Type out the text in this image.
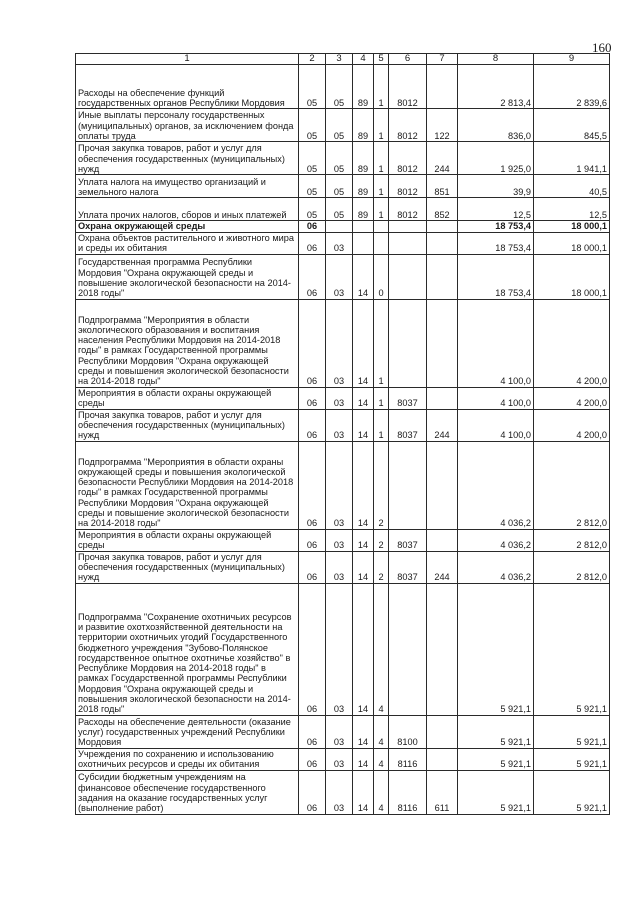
160
1	2	3	4	5	6	7	8	9
Расходы на обеспечение функций государственных органов Республики Мордовия	05	05	89	1	8012		2 813,4	2 839,6
Иные выплаты персоналу государственных (муниципальных) органов, за исключением фонда оплаты труда	05	05	89	1	8012	122	836,0	845,5
Прочая закупка товаров, работ и услуг для обеспечения государственных (муниципальных) нужд	05	05	89	1	8012	244	1 925,0	1 941,1
Уплата налога на имущество организаций и земельного налога	05	05	89	1	8012	851	39,9	40,5
Уплата прочих налогов, сборов и иных платежей	05	05	89	1	8012	852	12,5	12,5
Охрана окружающей среды	06						18 753,4	18 000,1
Охрана объектов растительного и животного мира и среды их обитания	06	03					18 753,4	18 000,1
Государственная программа Республики Мордовия "Охрана окружающей среды и повышение экологической безопасности на 2014-2018 годы"	06	03	14	0			18 753,4	18 000,1
Подпрограмма "Мероприятия в области экологического образования и воспитания населения Республики Мордовия на 2014-2018 годы" в рамках Государственной программы Республики Мордовия "Охрана окружающей среды и повышения экологической безопасности на 2014-2018 годы"	06	03	14	1			4 100,0	4 200,0
Мероприятия в области охраны окружающей среды	06	03	14	1	8037		4 100,0	4 200,0
Прочая закупка товаров, работ и услуг для обеспечения государственных (муниципальных) нужд	06	03	14	1	8037	244	4 100,0	4 200,0
Подпрограмма "Мероприятия в области охраны окружающей среды и повышения экологической безопасности Республики Мордовия на 2014-2018 годы" в рамках Государственной программы Республики Мордовия "Охрана окружающей среды и повышение экологической безопасности на 2014-2018 годы"	06	03	14	2			4 036,2	2 812,0
Мероприятия в области охраны окружающей среды	06	03	14	2	8037		4 036,2	2 812,0
Прочая закупка товаров, работ и услуг для обеспечения государственных (муниципальных) нужд	06	03	14	2	8037	244	4 036,2	2 812,0
Подпрограмма "Сохранение охотничьих ресурсов и развитие охотхозяйственной деятельности на территории охотничьих угодий Государственного бюджетного учреждения "Зубово-Полянское государственное опытное охотничье хозяйство" в Республике Мордовия на 2014-2018 годы" в рамках Государственной программы Республики Мордовия "Охрана окружающей среды и повышения экологической безопасности на 2014-2018 годы"	06	03	14	4			5 921,1	5 921,1
Расходы на обеспечение деятельности (оказание услуг) государственных учреждений Республики Мордовия	06	03	14	4	8100		5 921,1	5 921,1
Учреждения по сохранению и использованию охотничьих ресурсов и среды их обитания	06	03	14	4	8116		5 921,1	5 921,1
Субсидии бюджетным учреждениям на финансовое обеспечение государственного задания на оказание государственных услуг (выполнение работ)	06	03	14	4	8116	611	5 921,1	5 921,1
